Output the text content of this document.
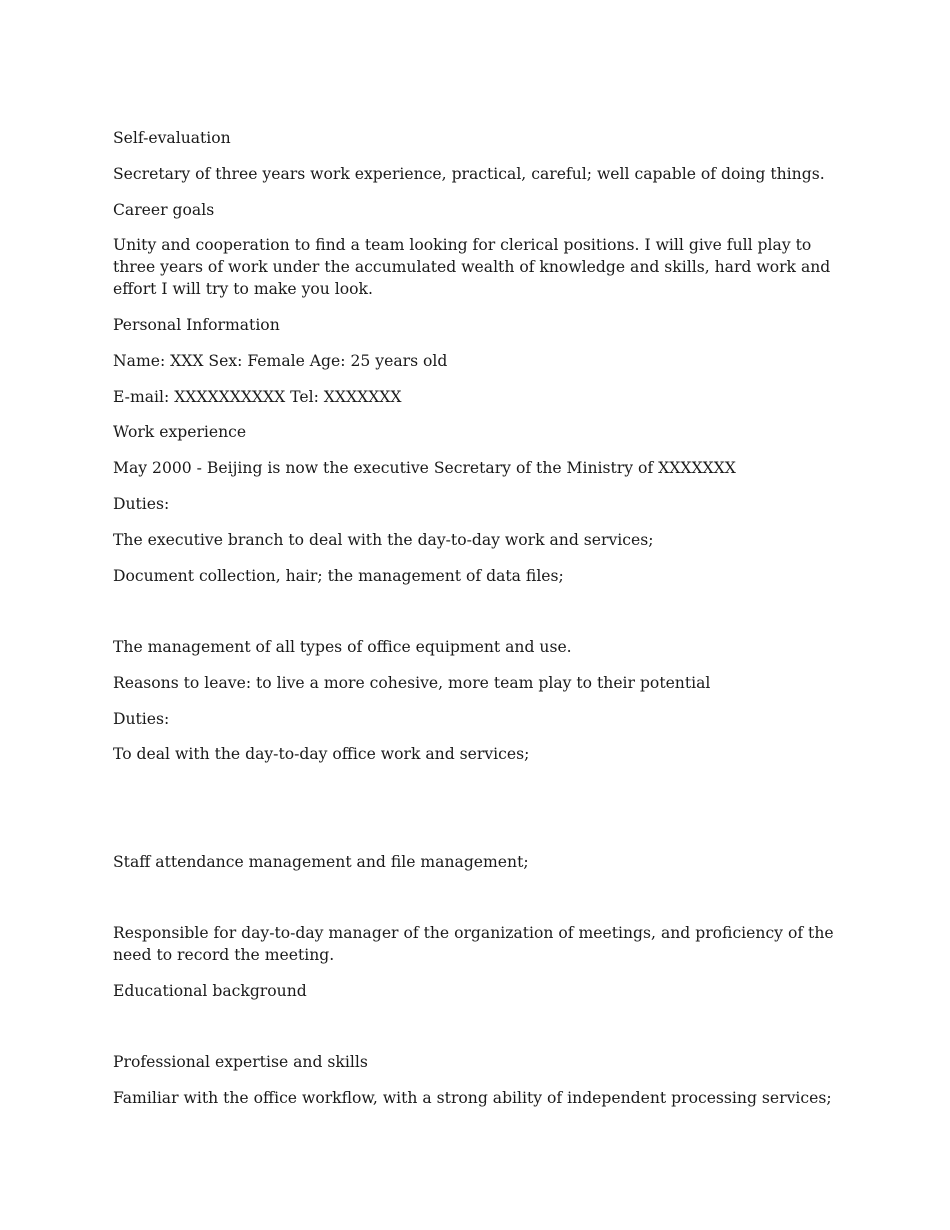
Self-evaluation

Secretary of three years work experience, practical, careful; well capable of doing things.

Career goals

Unity and cooperation to find a team looking for clerical positions. I will give full play to three years of work under the accumulated wealth of knowledge and skills, hard work and effort I will try to make you look.

Personal Information

Name: XXX Sex: Female Age: 25 years old

E-mail: XXXXXXXXXX Tel: XXXXXXX

Work experience

May 2000 - Beijing is now the executive Secretary of the Ministry of XXXXXXX

Duties:

The executive branch to deal with the day-to-day work and services;

Document collection, hair; the management of data files;

The management of all types of office equipment and use.

Reasons to leave: to live a more cohesive, more team play to their potential

Duties:

To deal with the day-to-day office work and services;

Staff attendance management and file management;

Responsible for day-to-day manager of the organization of meetings, and proficiency of the need to record the meeting.

Educational background

Professional expertise and skills

Familiar with the office workflow, with a strong ability of independent processing services;
